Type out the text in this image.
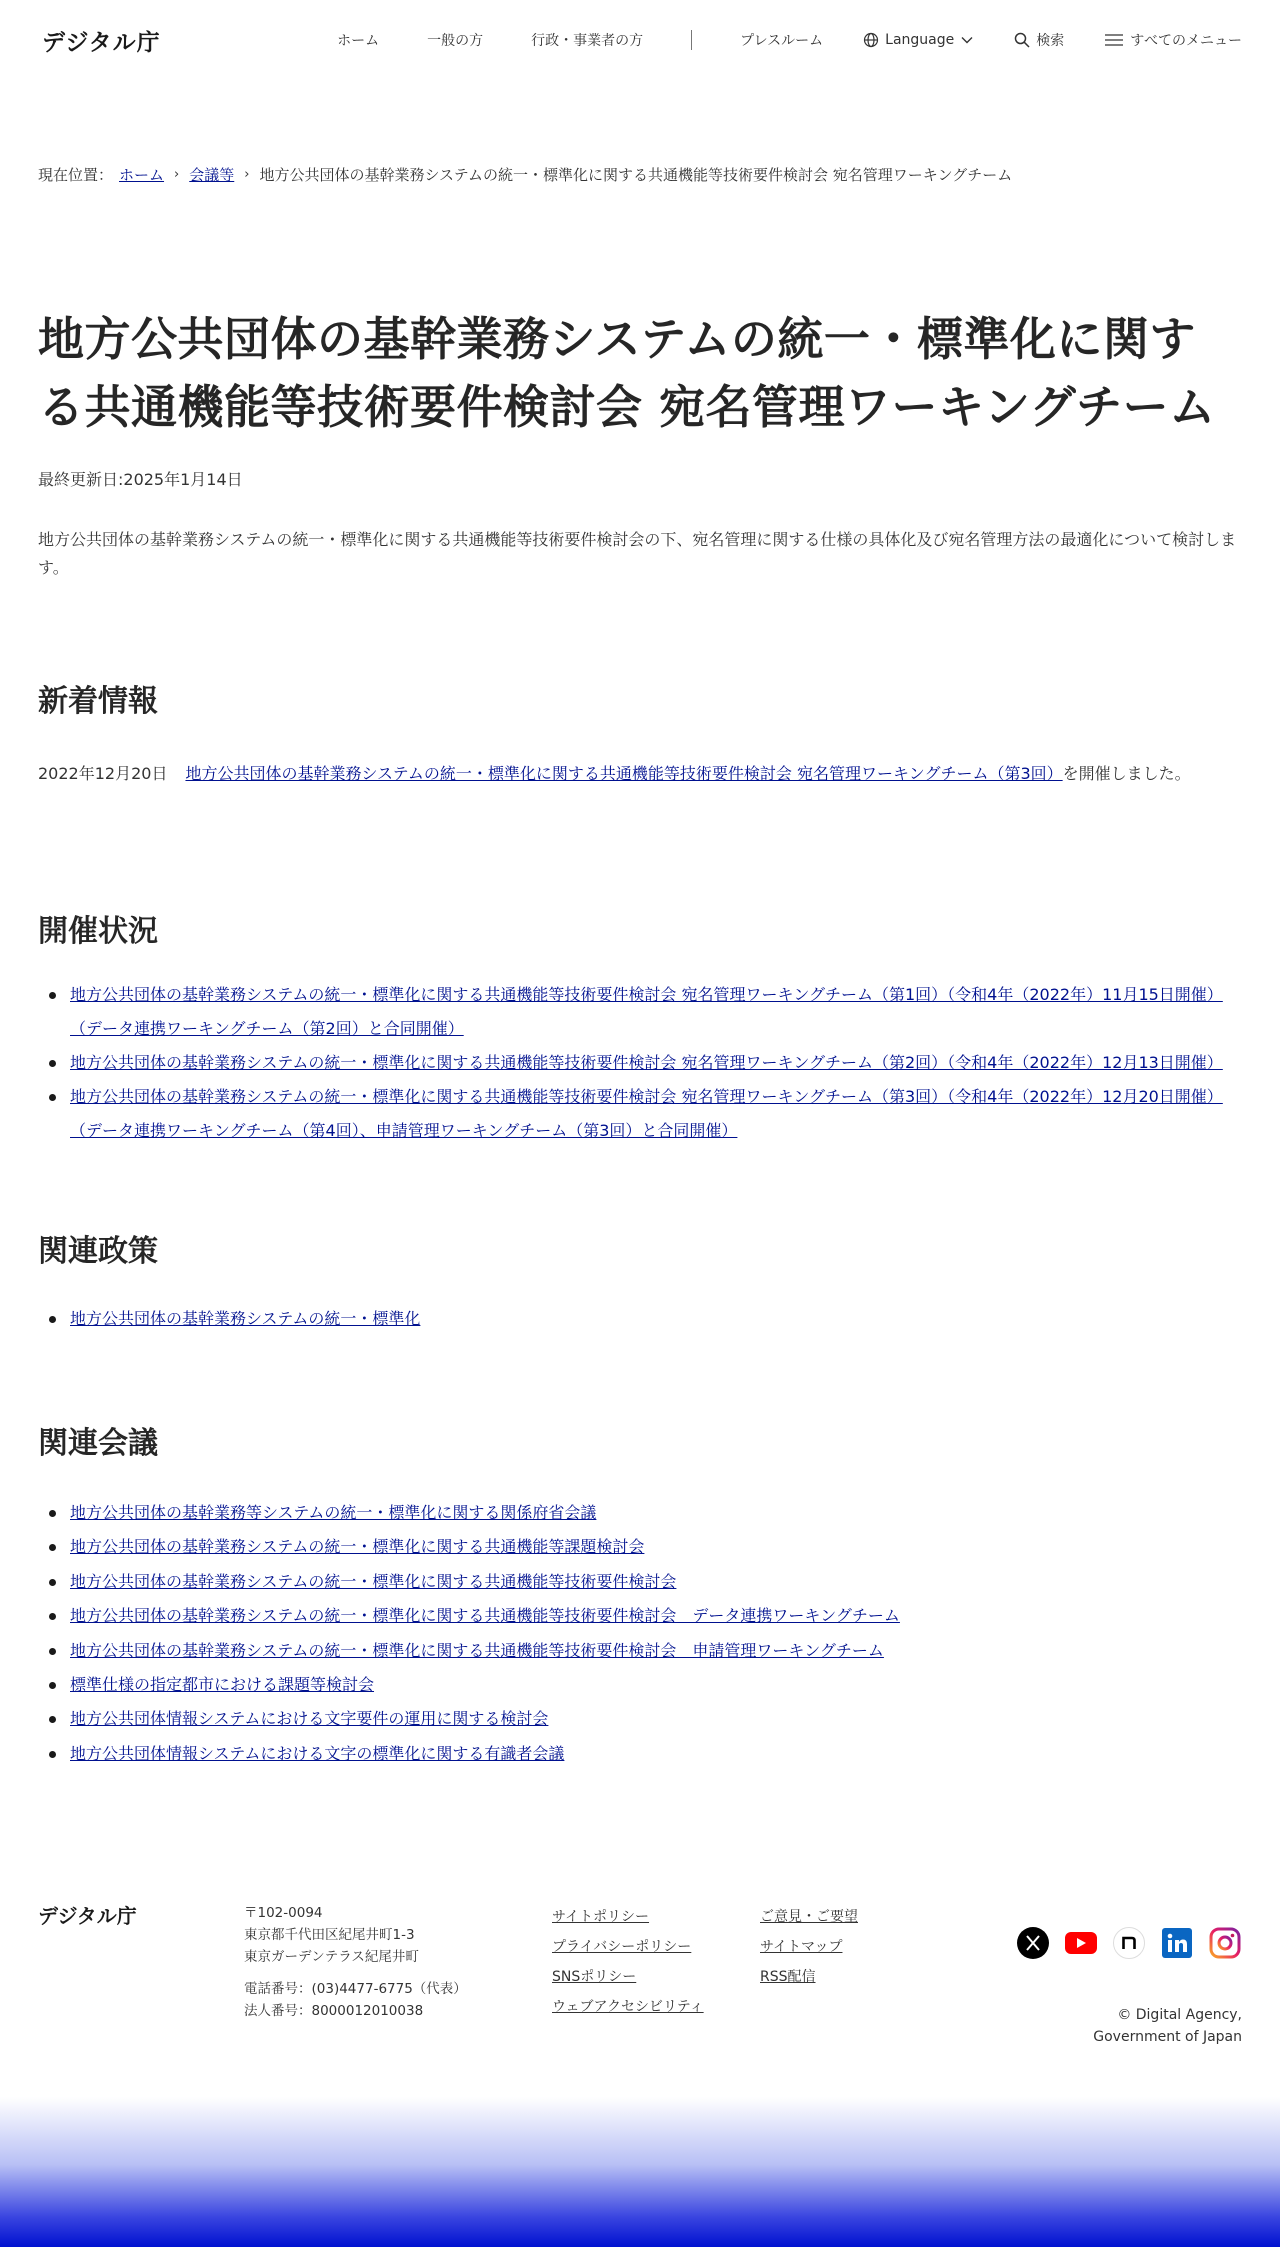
デジタル庁	ホーム	一般の方	行政・事業者の方	プレスルーム	Language	検索	すべてのメニュー
現在位置： ホーム › 会議等 › 地方公共団体の基幹業務システムの統一・標準化に関する共通機能等技術要件検討会 宛名管理ワーキングチーム
地方公共団体の基幹業務システムの統一・標準化に関する共通機能等技術要件検討会 宛名管理ワーキングチーム

最終更新日:2025年1月14日

地方公共団体の基幹業務システムの統一・標準化に関する共通機能等技術要件検討会の下、宛名管理に関する仕様の具体化及び宛名管理方法の最適化について検討します。

新着情報

2022年12月20日 地方公共団体の基幹業務システムの統一・標準化に関する共通機能等技術要件検討会 宛名管理ワーキングチーム（第3回）を開催しました。

開催状況
地方公共団体の基幹業務システムの統一・標準化に関する共通機能等技術要件検討会 宛名管理ワーキングチーム（第1回）（令和4年（2022年）11月15日開催）（データ連携ワーキングチーム（第2回）と合同開催）
地方公共団体の基幹業務システムの統一・標準化に関する共通機能等技術要件検討会 宛名管理ワーキングチーム（第2回）（令和4年（2022年）12月13日開催）
地方公共団体の基幹業務システムの統一・標準化に関する共通機能等技術要件検討会 宛名管理ワーキングチーム（第3回）（令和4年（2022年）12月20日開催）（データ連携ワーキングチーム（第4回）、申請管理ワーキングチーム（第3回）と合同開催）
関連政策
地方公共団体の基幹業務システムの統一・標準化
関連会議
地方公共団体の基幹業務等システムの統一・標準化に関する関係府省会議
地方公共団体の基幹業務システムの統一・標準化に関する共通機能等課題検討会
地方公共団体の基幹業務システムの統一・標準化に関する共通機能等技術要件検討会
地方公共団体の基幹業務システムの統一・標準化に関する共通機能等技術要件検討会　データ連携ワーキングチーム
地方公共団体の基幹業務システムの統一・標準化に関する共通機能等技術要件検討会　申請管理ワーキングチーム
標準仕様の指定都市における課題等検討会
地方公共団体情報システムにおける文字要件の運用に関する検討会
地方公共団体情報システムにおける文字の標準化に関する有識者会議
デジタル庁	〒102-0094
東京都千代田区紀尾井町1-3
東京ガーデンテラス紀尾井町
電話番号：(03)4477-6775（代表）
法人番号：8000012010038
サイトポリシー
プライバシーポリシー
SNSポリシー
ウェブアクセシビリティ
ご意見・ご要望
サイトマップ
RSS配信
© Digital Agency,
Government of Japan
